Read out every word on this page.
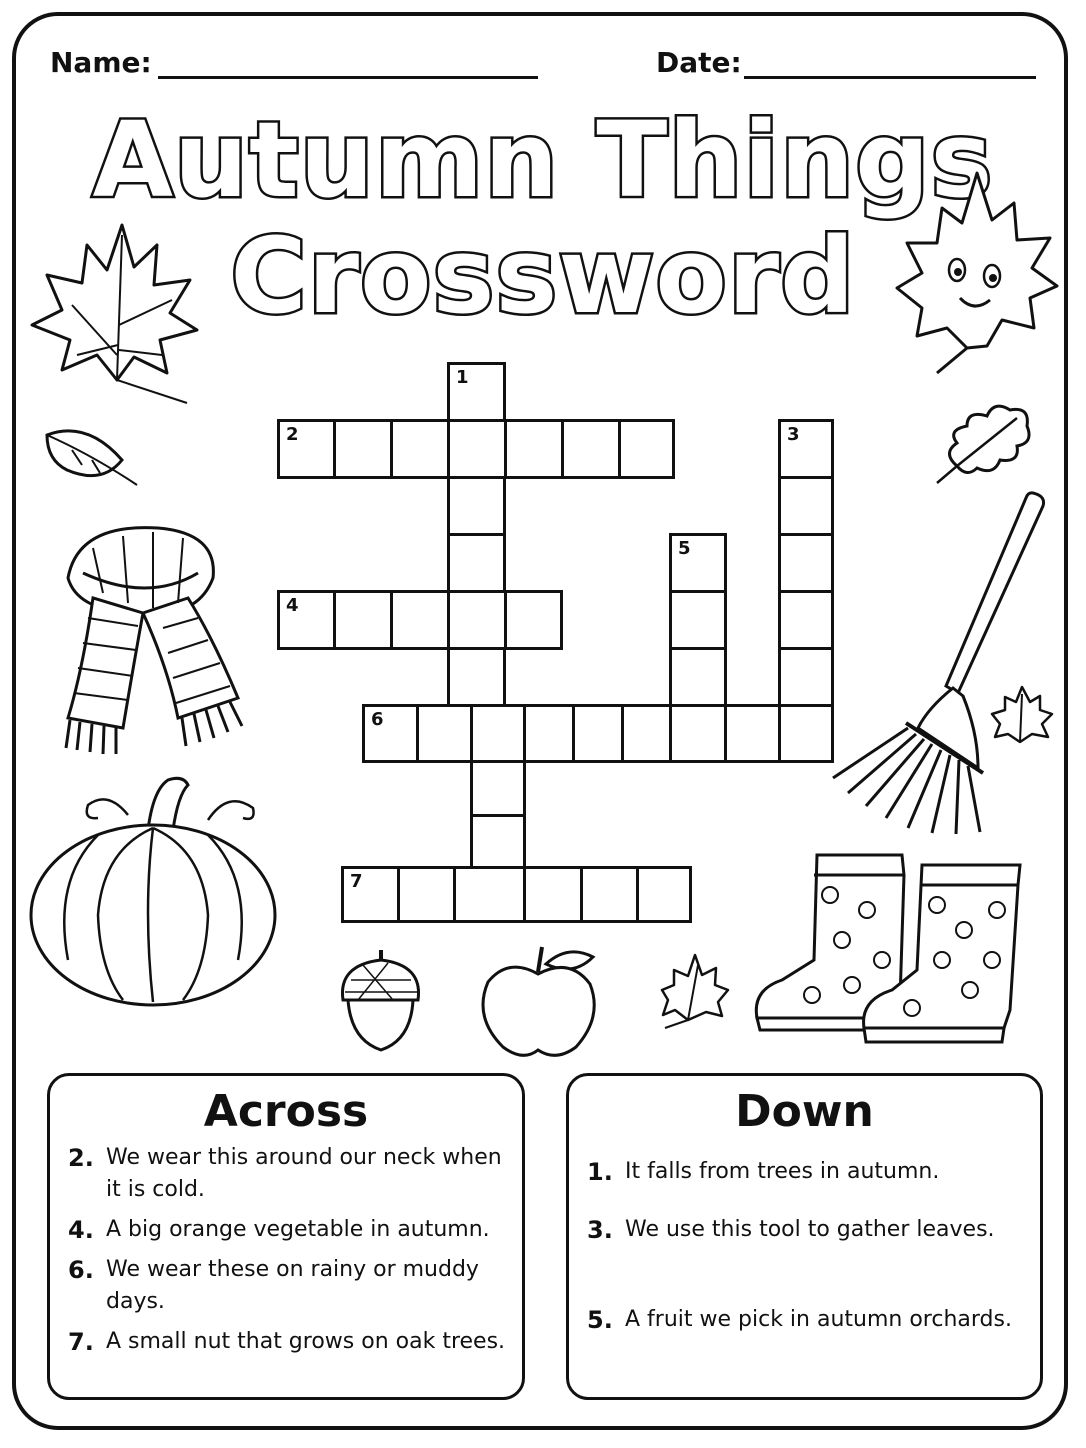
Name:	Date:
Autumn Things
Crossword
1
2
4
3
5
6
7
Across
2. We wear this around our neck when it is cold.
4. A big orange vegetable in autumn.
6. We wear these on rainy or muddy days.
7. A small nut that grows on oak trees.
Down
1. It falls from trees in autumn.
3. We use this tool to gather leaves.
5. A fruit we pick in autumn orchards.
